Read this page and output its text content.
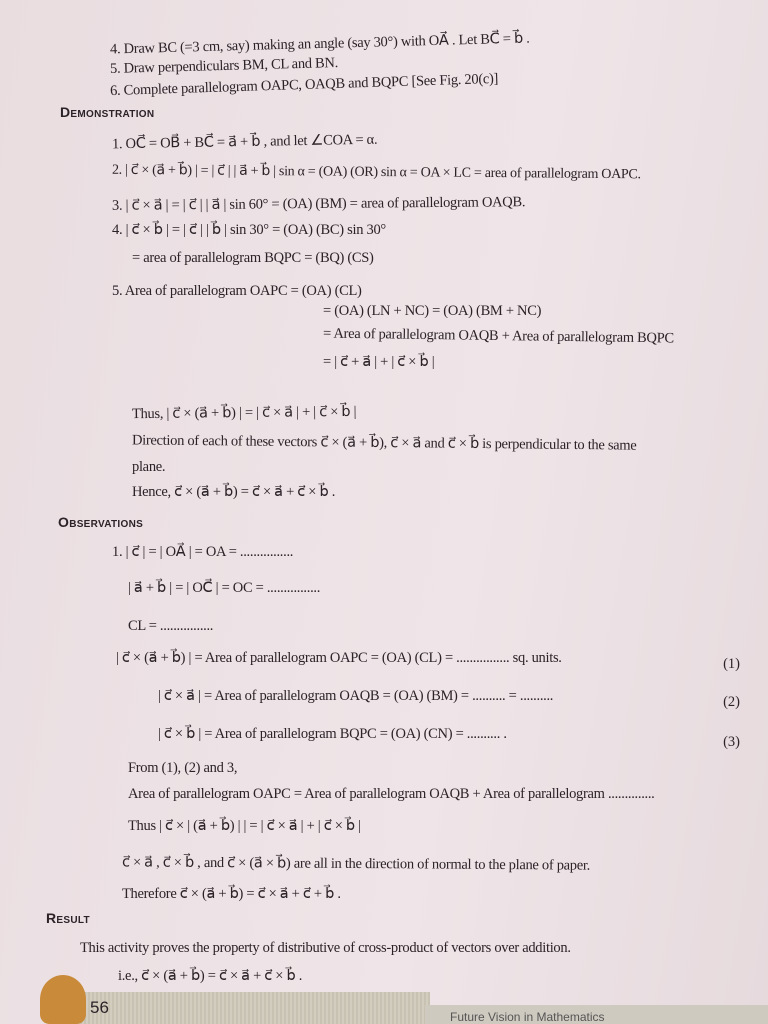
4. Draw BC (=3 cm, say) making an angle (say 30°) with OA⃗ . Let BC⃗ = b⃗ .
5. Draw perpendiculars BM, CL and BN.
6. Complete parallelogram OAPC, OAQB and BQPC [See Fig. 20(c)]
Demonstration
1. OC⃗ = OB⃗ + BC⃗ = a⃗ + b⃗ , and let ∠COA = α.
2. | c⃗ × (a⃗ + b⃗) | = | c⃗ | | a⃗ + b⃗ | sin α = (OA) (OR) sin α = OA × LC = area of parallelogram OAPC.
3. | c⃗ × a⃗ | = | c⃗ | | a⃗ | sin 60° = (OA) (BM) = area of parallelogram OAQB.
4. | c⃗ × b⃗ | = | c⃗ | | b⃗ | sin 30° = (OA) (BC) sin 30°
= area of parallelogram BQPC = (BQ) (CS)
5. Area of parallelogram OAPC = (OA) (CL)
= (OA) (LN + NC) = (OA) (BM + NC)
= Area of parallelogram OAQB + Area of parallelogram BQPC
= | c⃗ + a⃗ | + | c⃗ × b⃗ |
Thus, | c⃗ × (a⃗ + b⃗) | = | c⃗ × a⃗ | + | c⃗ × b⃗ |
Direction of each of these vectors c⃗ × (a⃗ + b⃗), c⃗ × a⃗ and c⃗ × b⃗ is perpendicular to the same
plane.
Hence, c⃗ × (a⃗ + b⃗) = c⃗ × a⃗ + c⃗ × b⃗ .
Observations
1. | c⃗ | = | OA⃗ | = OA = ................
| a⃗ + b⃗ | = | OC⃗ | = OC = ................
CL = ................
| c⃗ × (a⃗ + b⃗) | = Area of parallelogram OAPC = (OA) (CL) = ................ sq. units.	(1)
| c⃗ × a⃗ | = Area of parallelogram OAQB = (OA) (BM) = .......... = ..........	(2)
| c⃗ × b⃗ | = Area of parallelogram BQPC = (OA) (CN) = .......... .	(3)
From (1), (2) and 3,
Area of parallelogram OAPC = Area of parallelogram OAQB + Area of parallelogram ..............
Thus | c⃗ × | (a⃗ + b⃗) | | = | c⃗ × a⃗ | + | c⃗ × b⃗ |
c⃗ × a⃗ , c⃗ × b⃗ , and c⃗ × (a⃗ × b⃗) are all in the direction of normal to the plane of paper.
Therefore c⃗ × (a⃗ + b⃗) = c⃗ × a⃗ + c⃗ + b⃗ .
Result
This activity proves the property of distributive of cross-product of vectors over addition.
i.e., c⃗ × (a⃗ + b⃗) = c⃗ × a⃗ + c⃗ × b⃗ .
56	Future Vision in Mathematics
